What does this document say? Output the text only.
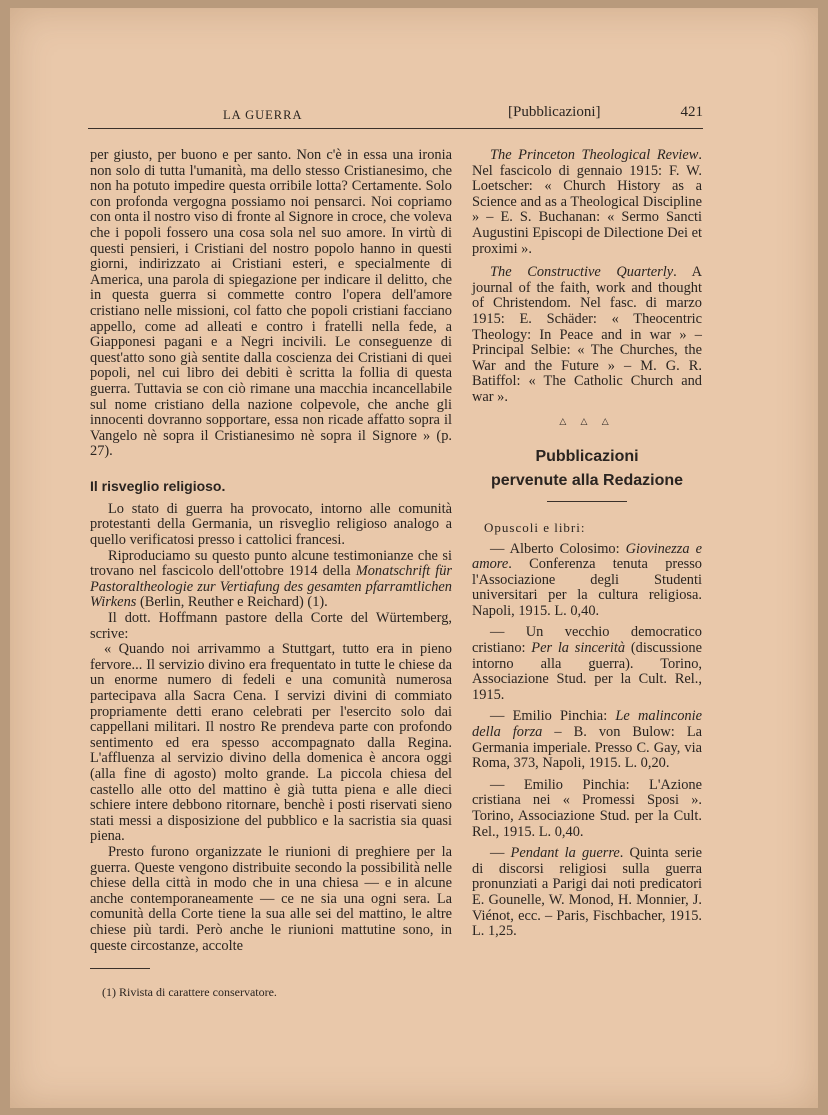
LA GUERRA	[Pubblicazioni]	421

per giusto, per buono e per santo. Non c'è in essa una ironia non solo di tutta l'umanità, ma dello stesso Cristianesimo, che non ha potuto impedire questa orribile lotta? Certamente. Solo con profonda vergogna possiamo noi pensarci. Noi copriamo con onta il nostro viso di fronte al Signore in croce, che voleva che i popoli fossero una cosa sola nel suo amore. In virtù di questi pensieri, i Cristiani del nostro popolo hanno in questi giorni, indirizzato ai Cristiani esteri, e specialmente di America, una parola di spiegazione per indicare il delitto, che in questa guerra si commette contro l'opera dell'amore cristiano nelle missioni, col fatto che popoli cristiani facciano appello, come ad alleati e contro i fratelli nella fede, a Giapponesi pagani e a Negri incivili. Le conseguenze di quest'atto sono già sentite dalla coscienza dei Cristiani di quei popoli, nel cui libro dei debiti è scritta la follia di questa guerra. Tuttavia se con ciò rimane una macchia incancellabile sul nome cristiano della nazione colpevole, che anche gli innocenti dovranno sopportare, essa non ricade affatto sopra il Vangelo nè sopra il Cristianesimo nè sopra il Signore » (p. 27).

Il risveglio religioso.

Lo stato di guerra ha provocato, intorno alle comunità protestanti della Germania, un risveglio religioso analogo a quello verificatosi presso i cattolici francesi.

Riproduciamo su questo punto alcune testimonianze che si trovano nel fascicolo dell'ottobre 1914 della Monatschrift für Pastoraltheologie zur Vertiafung des gesamten pfarramtlichen Wirkens (Berlin, Reuther e Reichard) (1).

Il dott. Hoffmann pastore della Corte del Würtemberg, scrive:

« Quando noi arrivammo a Stuttgart, tutto era in pieno fervore... Il servizio divino era frequentato in tutte le chiese da un enorme numero di fedeli e una comunità numerosa partecipava alla Sacra Cena. I servizi divini di commiato propriamente detti erano celebrati per l'esercito solo dai cappellani militari. Il nostro Re prendeva parte con profondo sentimento ed era spesso accompagnato dalla Regina. L'affluenza al servizio divino della domenica è ancora oggi (alla fine di agosto) molto grande. La piccola chiesa del castello alle otto del mattino è già tutta piena e alle dieci schiere intere debbono ritornare, benchè i posti riservati sieno stati messi a disposizione del pubblico e la sacristia sia quasi piena.

Presto furono organizzate le riunioni di preghiere per la guerra. Queste vengono distribuite secondo la possibilità nelle chiese della città in modo che in una chiesa — e in alcune anche contemporaneamente — ce ne sia una ogni sera. La comunità della Corte tiene la sua alle sei del mattino, le altre chiese più tardi. Però anche le riunioni mattutine sono, in queste circostanze, accolte

(1) Rivista di carattere conservatore.

The Princeton Theological Review. Nel fascicolo di gennaio 1915: F. W. Loetscher: « Church History as a Science and as a Theological Discipline » – E. S. Buchanan: « Sermo Sancti Augustini Episcopi de Dilectione Dei et proximi ».

The Constructive Quarterly. A journal of the faith, work and thought of Christendom. Nel fasc. di marzo 1915: E. Schäder: « Theocentric Theology: In Peace and in war » – Principal Selbie: « The Churches, the War and the Future » – M. G. R. Batiffol: « The Catholic Church and war ».

△ △ △
Pubblicazioni
pervenute alla Redazione
Opuscoli e libri:

— Alberto Colosimo: Giovinezza e amore. Conferenza tenuta presso l'Associazione degli Studenti universitari per la cultura religiosa. Napoli, 1915. L. 0,40.

— Un vecchio democratico cristiano: Per la sincerità (discussione intorno alla guerra). Torino, Associazione Stud. per la Cult. Rel., 1915.

— Emilio Pinchia: Le malinconie della forza – B. von Bulow: La Germania imperiale. Presso C. Gay, via Roma, 373, Napoli, 1915. L. 0,20.

— Emilio Pinchia: L'Azione cristiana nei « Promessi Sposi ». Torino, Associazione Stud. per la Cult. Rel., 1915. L. 0,40.

— Pendant la guerre. Quinta serie di discorsi religiosi sulla guerra pronunziati a Parigi dai noti predicatori E. Gounelle, W. Monod, H. Monnier, J. Viénot, ecc. – Paris, Fischbacher, 1915. L. 1,25.
